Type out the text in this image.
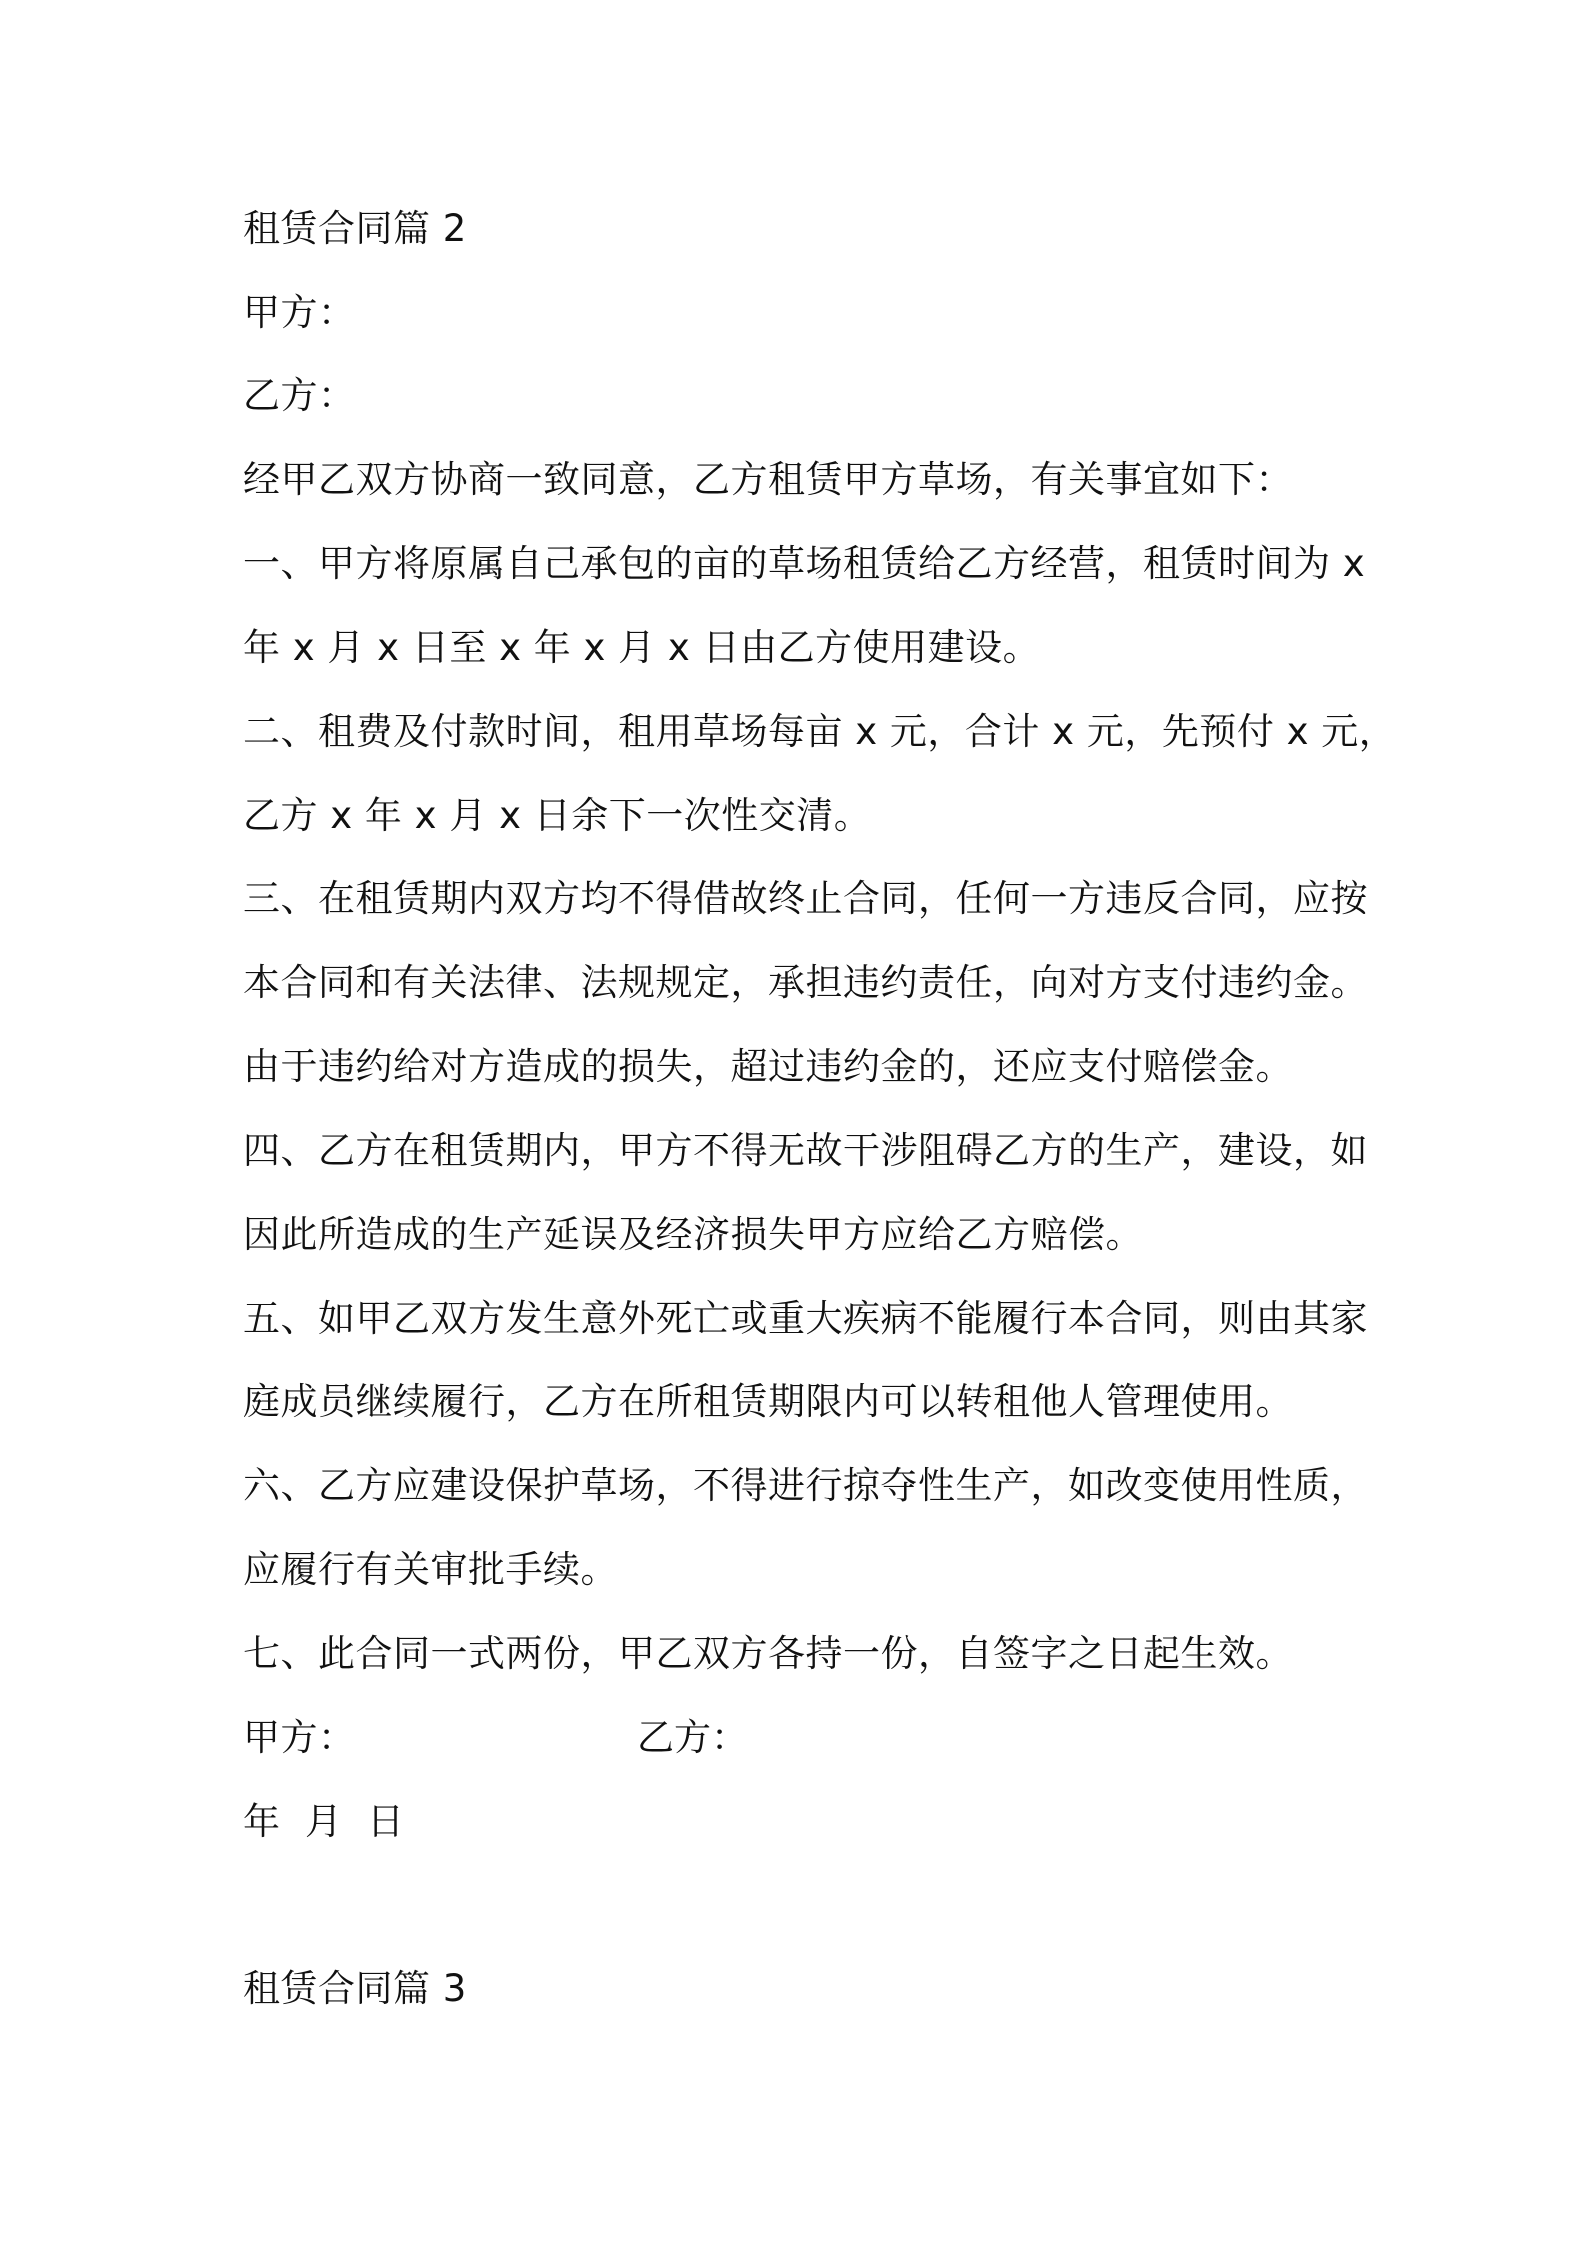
租赁合同篇 2
甲方：
乙方：
经甲乙双方协商一致同意，乙方租赁甲方草场，有关事宜如下：
一、甲方将原属自己承包的亩的草场租赁给乙方经营，租赁时间为 x
年 x 月 x 日至 x 年 x 月 x 日由乙方使用建设。
二、租费及付款时间，租用草场每亩 x 元，合计 x 元，先预付 x 元，
乙方 x 年 x 月 x 日余下一次性交清。
三、在租赁期内双方均不得借故终止合同，任何一方违反合同，应按
本合同和有关法律、法规规定，承担违约责任，向对方支付违约金。
由于违约给对方造成的损失，超过违约金的，还应支付赔偿金。
四、乙方在租赁期内，甲方不得无故干涉阻碍乙方的生产，建设，如
因此所造成的生产延误及经济损失甲方应给乙方赔偿。
五、如甲乙双方发生意外死亡或重大疾病不能履行本合同，则由其家
庭成员继续履行，乙方在所租赁期限内可以转租他人管理使用。
六、乙方应建设保护草场，不得进行掠夺性生产，如改变使用性质，
应履行有关审批手续。
七、此合同一式两份，甲乙双方各持一份，自签字之日起生效。
甲方：	乙方：
年  月  日
租赁合同篇 3
